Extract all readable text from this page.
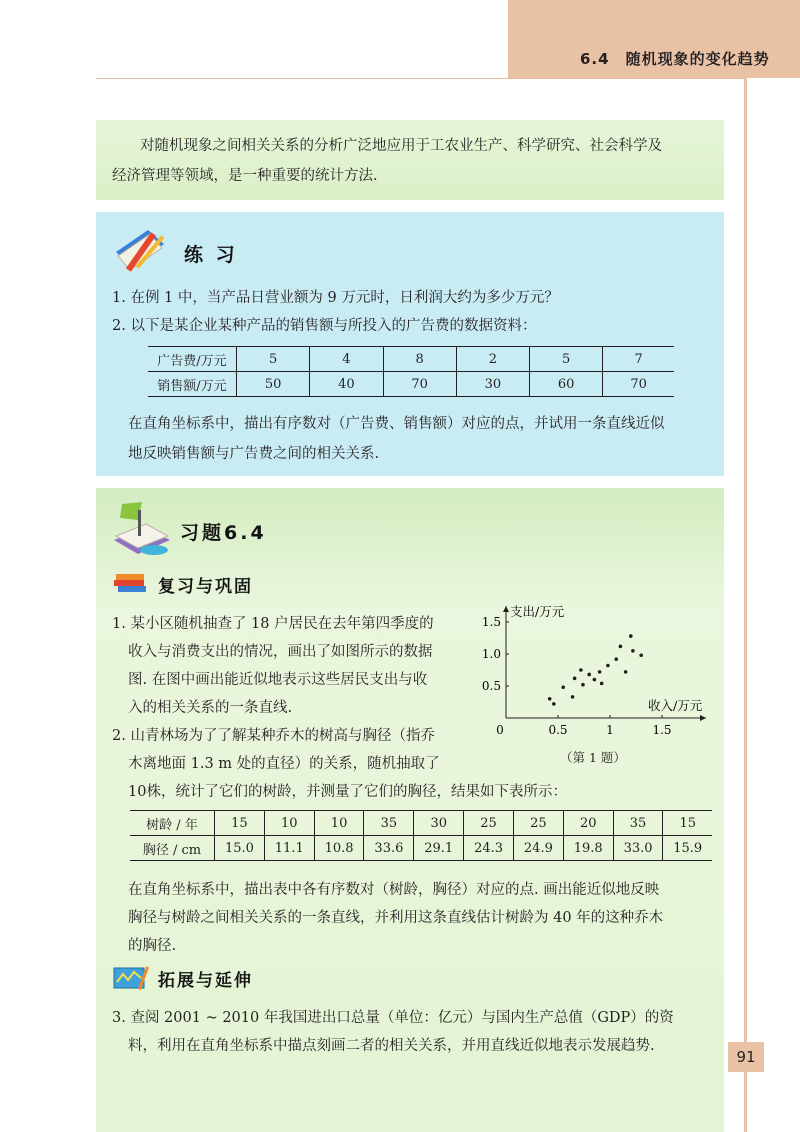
6.4　随机现象的变化趋势
对随机现象之间相关关系的分析广泛地应用于工农业生产、科学研究、社会科学及
经济管理等领域，是一种重要的统计方法.
练 习
1. 在例 1 中，当产品日营业额为 9 万元时，日利润大约为多少万元？
2. 以下是某企业某种产品的销售额与所投入的广告费的数据资料：
广告费/万元	5	4	8	2	5	7
销售额/万元	50	40	70	30	60	70
在直角坐标系中，描出有序数对（广告费、销售额）对应的点，并试用一条直线近似
地反映销售额与广告费之间的相关关系.
习题6.4
复习与巩固
1. 某小区随机抽查了 18 户居民在去年第四季度的
收入与消费支出的情况，画出了如图所示的数据
图. 在图中画出能近似地表示这些居民支出与收
入的相关关系的一条直线.
2. 山青林场为了了解某种乔木的树高与胸径（指乔
木离地面 1.3 m 处的直径）的关系，随机抽取了
10株，统计了它们的树龄，并测量了它们的胸径，结果如下表所示：
支出/万元
收入/万元
0	0.5	1	1.5
0.5
1.0
1.5
（第 1 题）
树龄 / 年	15	10	10	35	30	25	25	20	35	15
胸径 / cm	15.0	11.1	10.8	33.6	29.1	24.3	24.9	19.8	33.0	15.9
在直角坐标系中，描出表中各有序数对（树龄，胸径）对应的点. 画出能近似地反映
胸径与树龄之间相关关系的一条直线，并利用这条直线估计树龄为 40 年的这种乔木
的胸径.
拓展与延伸
3. 查阅 2001 ~ 2010 年我国进出口总量（单位：亿元）与国内生产总值（GDP）的资
料，利用在直角坐标系中描点刻画二者的相关关系，并用直线近似地表示发展趋势.
91
